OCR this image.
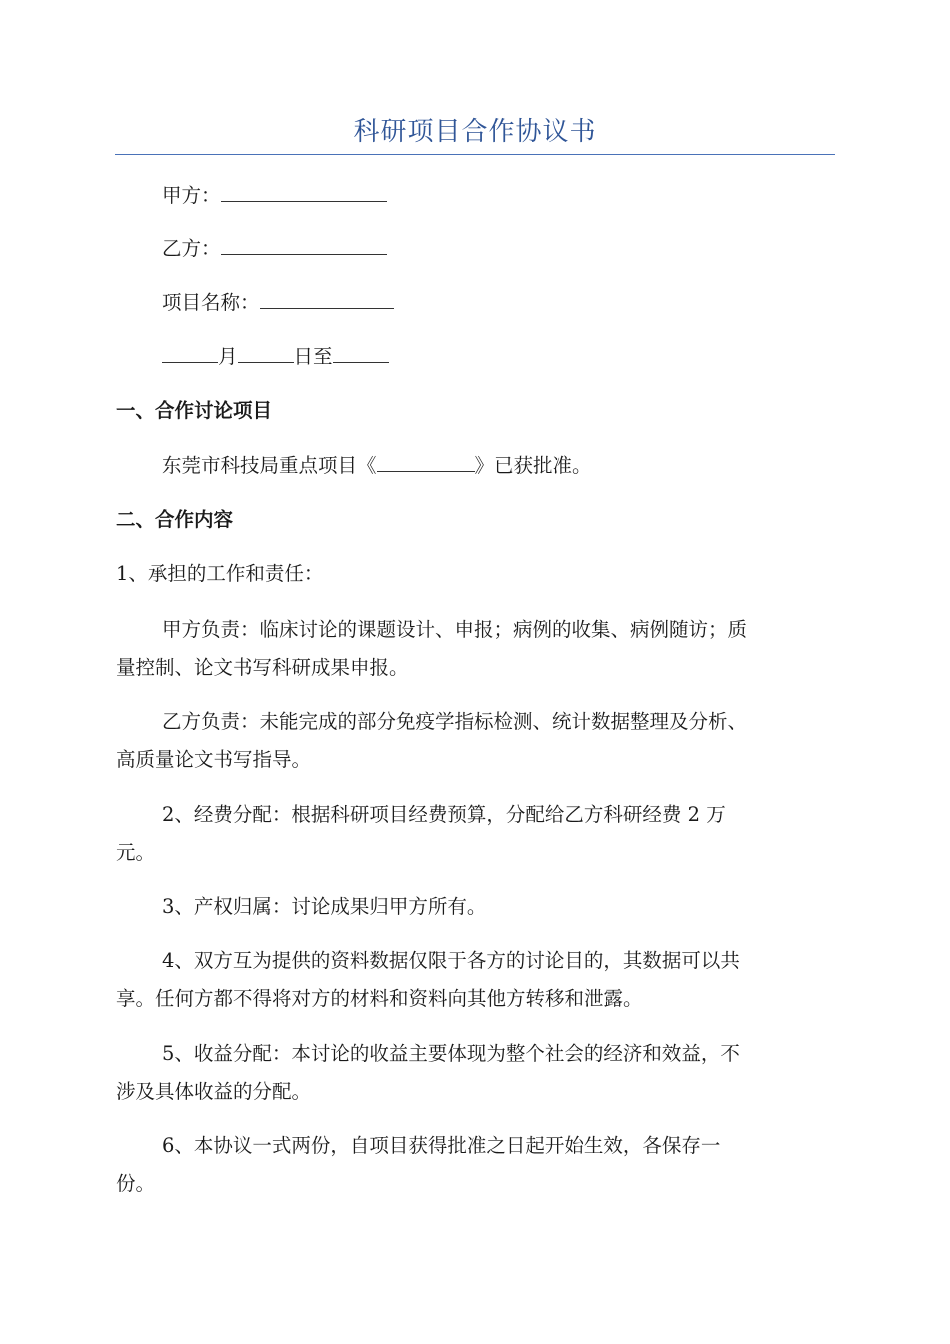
科研项目合作协议书
甲方：
乙方：
项目名称：
月	日至
一、合作讨论项目
东莞市科技局重点项目《	》已获批准。
二、合作内容
1、承担的工作和责任：
甲方负责：临床讨论的课题设计、申报；病例的收集、病例随访；质
量控制、论文书写科研成果申报。
乙方负责：未能完成的部分免疫学指标检测、统计数据整理及分析、
高质量论文书写指导。
2、经费分配：根据科研项目经费预算，分配给乙方科研经费 2 万
元。
3、产权归属：讨论成果归甲方所有。
4、双方互为提供的资料数据仅限于各方的讨论目的，其数据可以共
享。任何方都不得将对方的材料和资料向其他方转移和泄露。
5、收益分配：本讨论的收益主要体现为整个社会的经济和效益，不
涉及具体收益的分配。
6、本协议一式两份，自项目获得批准之日起开始生效，各保存一
份。
